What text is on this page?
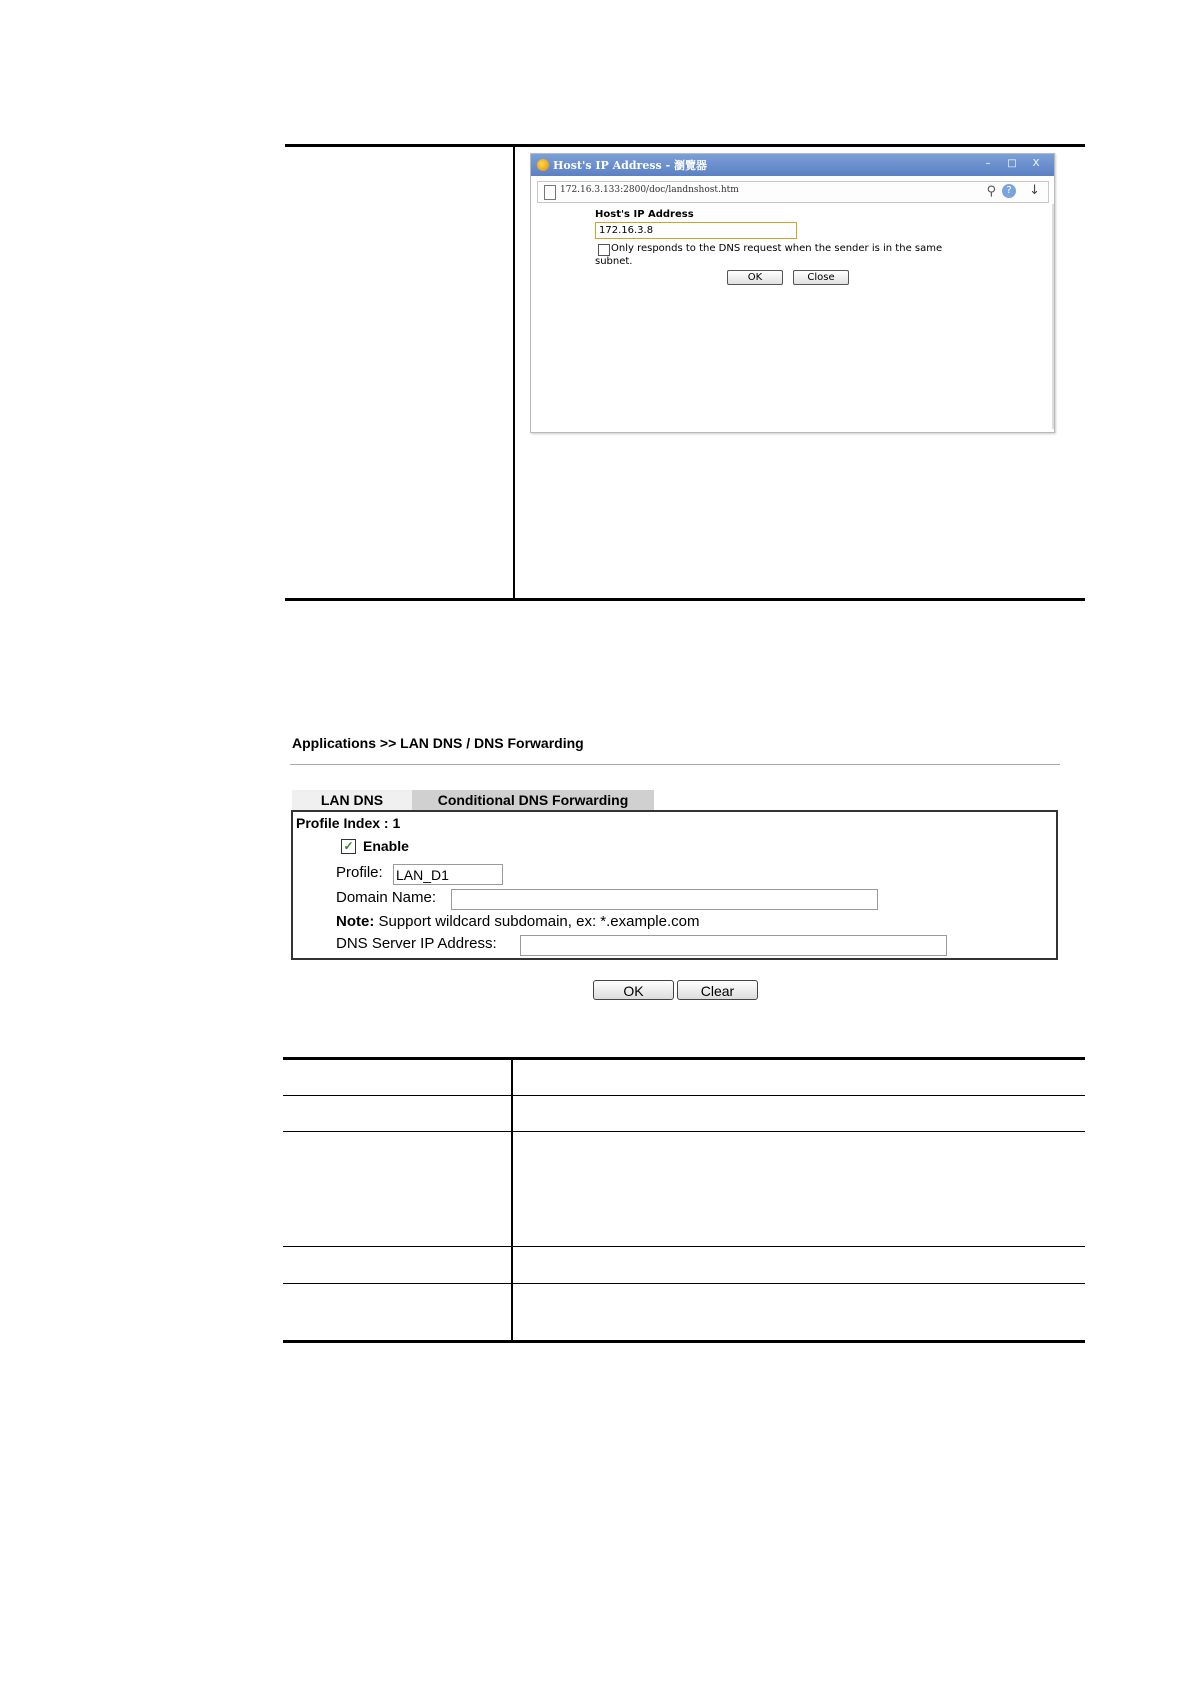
Host's IP Address - 瀏覽器	–	□	X
172.16.3.133:2800/doc/landnshost.htm	⚲	?	↓
Host's IP Address
172.16.3.8
Only responds to the DNS request when the sender is in the same subnet.
OK	Close
Applications >> LAN DNS / DNS Forwarding
LAN DNS	Conditional DNS Forwarding
Profile Index : 1
✓ Enable
Profile: LAN_D1
Domain Name:
Note: Support wildcard subdomain, ex: *.example.com
DNS Server IP Address:
OK	Clear
